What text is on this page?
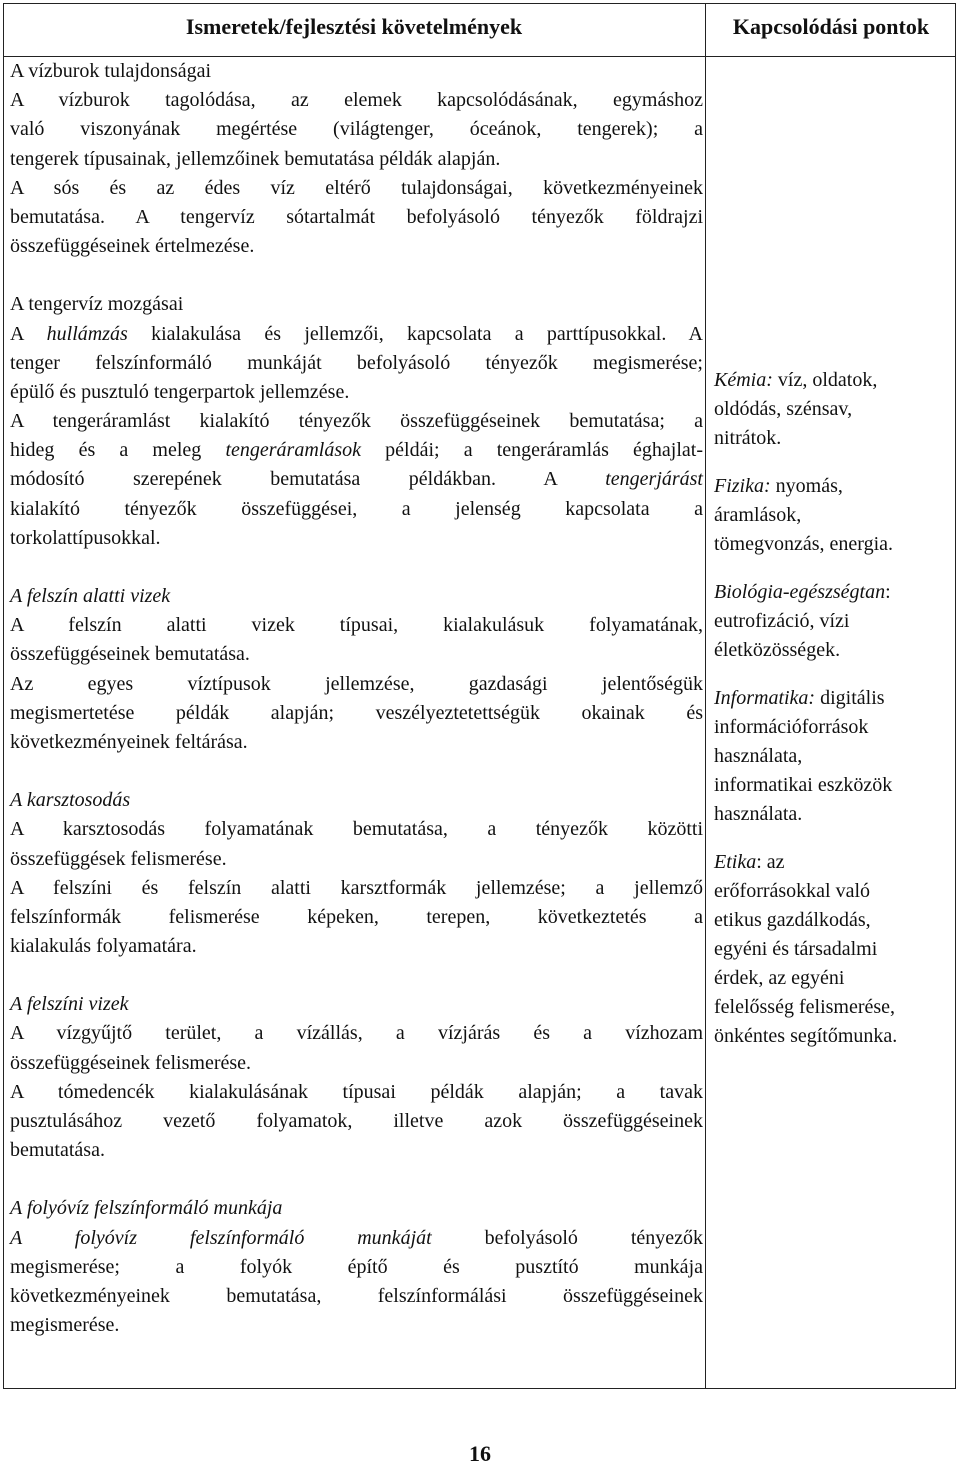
Ismeretek/fejlesztési követelmények	Kapcsolódási pontok
A vízburok tulajdonságai
A vízburok tagolódása, az elemek kapcsolódásának, egymáshoz
való viszonyának megértése (világtenger, óceánok, tengerek); a
tengerek típusainak, jellemzőinek bemutatása példák alapján.
A sós és az édes víz eltérő tulajdonságai, következményeinek
bemutatása. A tengervíz sótartalmát befolyásoló tényezők földrajzi
összefüggéseinek értelmezése.
A tengervíz mozgásai
A hullámzás kialakulása és jellemzői, kapcsolata a parttípusokkal. A
tenger felszínformáló munkáját befolyásoló tényezők megismerése;
épülő és pusztuló tengerpartok jellemzése.
A tengeráramlást kialakító tényezők összefüggéseinek bemutatása; a
hideg és a meleg tengeráramlások példái; a tengeráramlás éghajlat-
módosító szerepének bemutatása példákban. A tengerjárást
kialakító tényezők összefüggései, a jelenség kapcsolata a
torkolattípusokkal.
A felszín alatti vizek
A felszín alatti vizek típusai, kialakulásuk folyamatának,
összefüggéseinek bemutatása.
Az egyes víztípusok jellemzése, gazdasági jelentőségük
megismertetése példák alapján; veszélyeztetettségük okainak és
következményeinek feltárása.
A karsztosodás
A karsztosodás folyamatának bemutatása, a tényezők közötti
összefüggések felismerése.
A felszíni és felszín alatti karsztformák jellemzése; a jellemző
felszínformák felismerése képeken, terepen, következtetés a
kialakulás folyamatára.
A felszíni vizek
A vízgyűjtő terület, a vízállás, a vízjárás és a vízhozam
összefüggéseinek felismerése.
A tómedencék kialakulásának típusai példák alapján; a tavak
pusztulásához vezető folyamatok, illetve azok összefüggéseinek
bemutatása.
A folyóvíz felszínformáló munkája
A folyóvíz felszínformáló munkáját befolyásoló tényezők
megismerése; a folyók építő és pusztító munkája
következményeinek bemutatása, felszínformálási összefüggéseinek
megismerése.
Kémia: víz, oldatok,
oldódás, szénsav,
nitrátok.
Fizika: nyomás,
áramlások,
tömegvonzás, energia.
Biológia-egészségtan:
eutrofizáció, vízi
életközösségek.
Informatika: digitális
információforrások
használata,
informatikai eszközök
használata.
Etika: az
erőforrásokkal való
etikus gazdálkodás,
egyéni és társadalmi
érdek, az egyéni
felelősség felismerése,
önkéntes segítőmunka.
16
